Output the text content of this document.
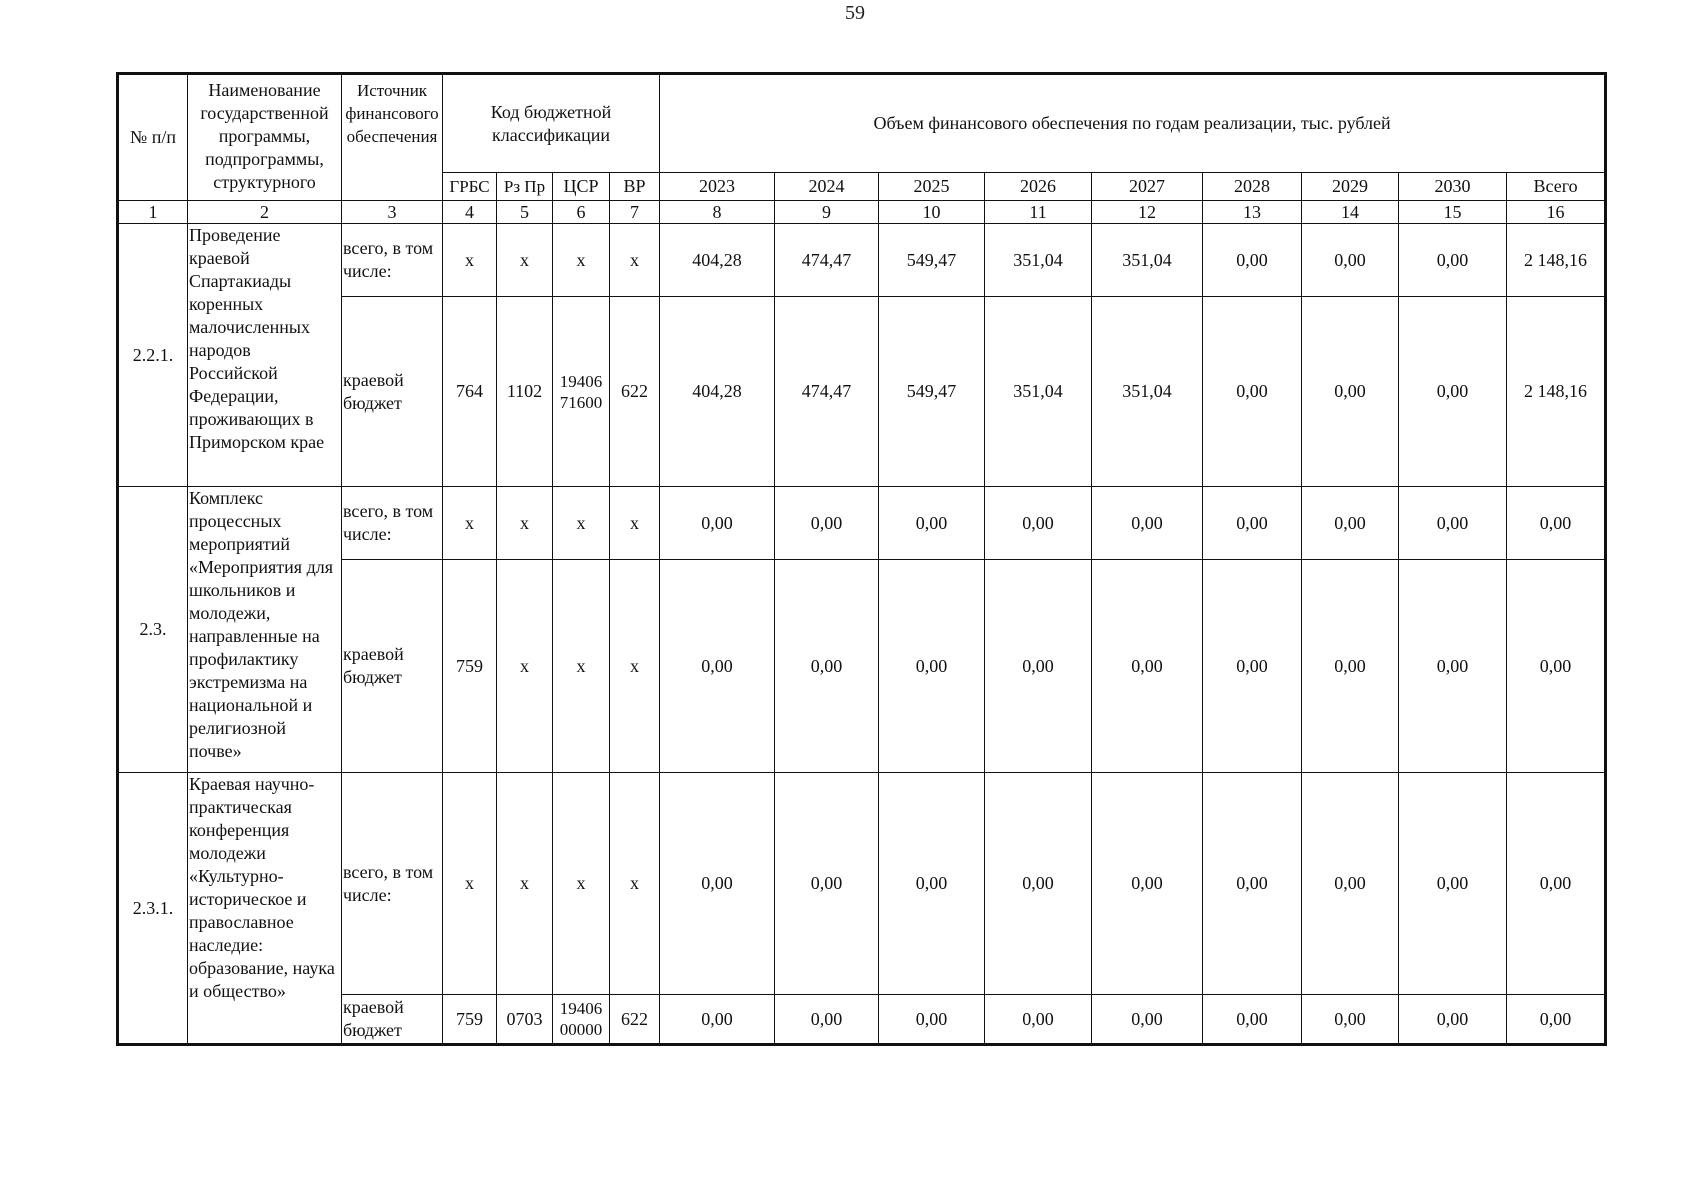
59
№ п/п	Наименование государственной программы, подпрограммы, структурного	Источник финансового обеспечения	Код бюджетной классификации				Объем финансового обеспечения по годам реализации, тыс. рублей								
			ГРБС	Рз Пр	ЦСР	ВР	2023	2024	2025	2026	2027	2028	2029	2030	Всего
1	2	3	4	5	6	7	8	9	10	11	12	13	14	15	16
2.2.1.	Проведение краевой Спартакиады коренных малочисленных народов Российской Федерации, проживающих в Приморском крае	всего, в том числе:	х	х	х	х	404,28	474,47	549,47	351,04	351,04	0,00	0,00	0,00	2 148,16
		краевой бюджет	764	1102	1940671600	622	404,28	474,47	549,47	351,04	351,04	0,00	0,00	0,00	2 148,16
2.3.	Комплекс процессных мероприятий «Мероприятия для школьников и молодежи, направленные на профилактику экстремизма на национальной и религиозной почве»	всего, в том числе:	х	х	х	х	0,00	0,00	0,00	0,00	0,00	0,00	0,00	0,00	0,00
		краевой бюджет	759	х	х	х	0,00	0,00	0,00	0,00	0,00	0,00	0,00	0,00	0,00
2.3.1.	Краевая научно-практическая конференция молодежи «Культурно-историческое и православное наследие: образование, наука и общество»	всего, в том числе:	х	х	х	х	0,00	0,00	0,00	0,00	0,00	0,00	0,00	0,00	0,00
		краевой бюджет	759	0703	1940600000	622	0,00	0,00	0,00	0,00	0,00	0,00	0,00	0,00	0,00
